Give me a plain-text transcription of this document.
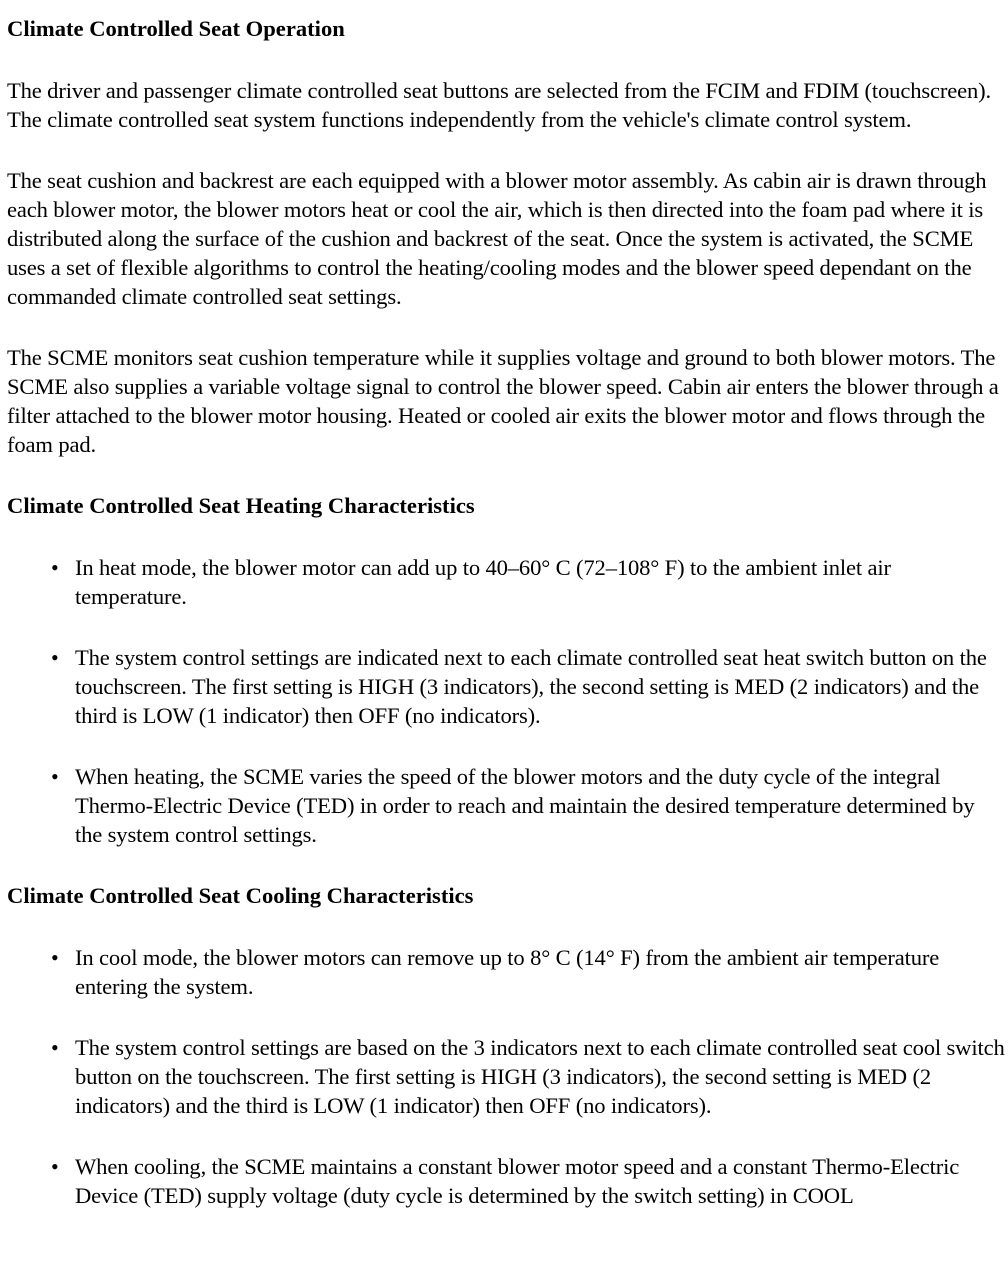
Climate Controlled Seat Operation

The driver and passenger climate controlled seat buttons are selected from the FCIM and FDIM (touchscreen). The climate controlled seat system functions independently from the vehicle's climate control system.

The seat cushion and backrest are each equipped with a blower motor assembly. As cabin air is drawn through each blower motor, the blower motors heat or cool the air, which is then directed into the foam pad where it is distributed along the surface of the cushion and backrest of the seat. Once the system is activated, the SCME uses a set of flexible algorithms to control the heating/cooling modes and the blower speed dependant on the commanded climate controlled seat settings.

The SCME monitors seat cushion temperature while it supplies voltage and ground to both blower motors. The SCME also supplies a variable voltage signal to control the blower speed. Cabin air enters the blower through a filter attached to the blower motor housing. Heated or cooled air exits the blower motor and flows through the foam pad.

Climate Controlled Seat Heating Characteristics
• In heat mode, the blower motor can add up to 40–60° C (72–108° F) to the ambient inlet air temperature.
• The system control settings are indicated next to each climate controlled seat heat switch button on the touchscreen. The first setting is HIGH (3 indicators), the second setting is MED (2 indicators) and the third is LOW (1 indicator) then OFF (no indicators).
• When heating, the SCME varies the speed of the blower motors and the duty cycle of the integral Thermo-Electric Device (TED) in order to reach and maintain the desired temperature determined by the system control settings.
Climate Controlled Seat Cooling Characteristics
• In cool mode, the blower motors can remove up to 8° C (14° F) from the ambient air temperature entering the system.
• The system control settings are based on the 3 indicators next to each climate controlled seat cool switch button on the touchscreen. The first setting is HIGH (3 indicators), the second setting is MED (2 indicators) and the third is LOW (1 indicator) then OFF (no indicators).
• When cooling, the SCME maintains a constant blower motor speed and a constant Thermo-Electric Device (TED) supply voltage (duty cycle is determined by the switch setting) in COOL
